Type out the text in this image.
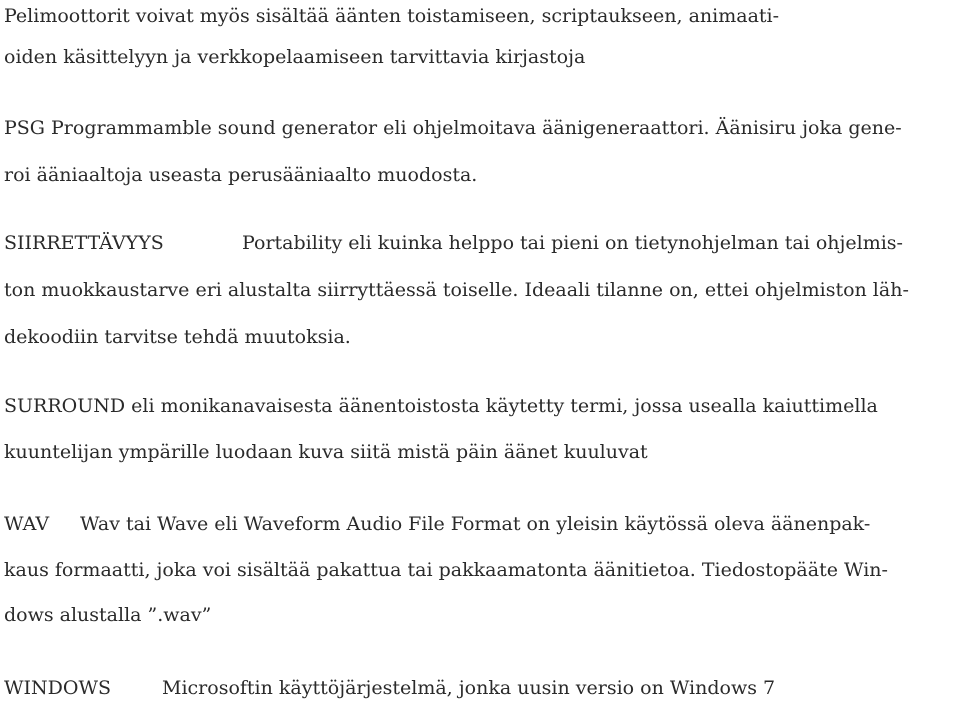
Pelimoottorit voivat myös sisältää äänten toistamiseen, scriptaukseen, animaati-
oiden käsittelyyn ja verkkopelaamiseen tarvittavia kirjastoja
PSG Programmamble sound generator eli ohjelmoitava äänigeneraattori. Äänisiru joka gene-
roi ääniaaltoja useasta perusääniaalto muodosta.
SIIRRETTÄVYYS	Portability eli kuinka helppo tai pieni on tietynohjelman tai ohjelmis-
ton muokkaustarve eri alustalta siirryttäessä toiselle. Ideaali tilanne on, ettei ohjelmiston läh-
dekoodiin tarvitse tehdä muutoksia.
SURROUND eli monikanavaisesta äänentoistosta käytetty termi, jossa usealla kaiuttimella
kuuntelijan ympärille luodaan kuva siitä mistä päin äänet kuuluvat
WAV Wav tai Wave eli Waveform Audio File Format on yleisin käytössä oleva äänenpak-
kaus formaatti, joka voi sisältää pakattua tai pakkaamatonta äänitietoa. Tiedostopääte Win-
dows alustalla ”.wav”
WINDOWS	Microsoftin käyttöjärjestelmä, jonka uusin versio on Windows 7
